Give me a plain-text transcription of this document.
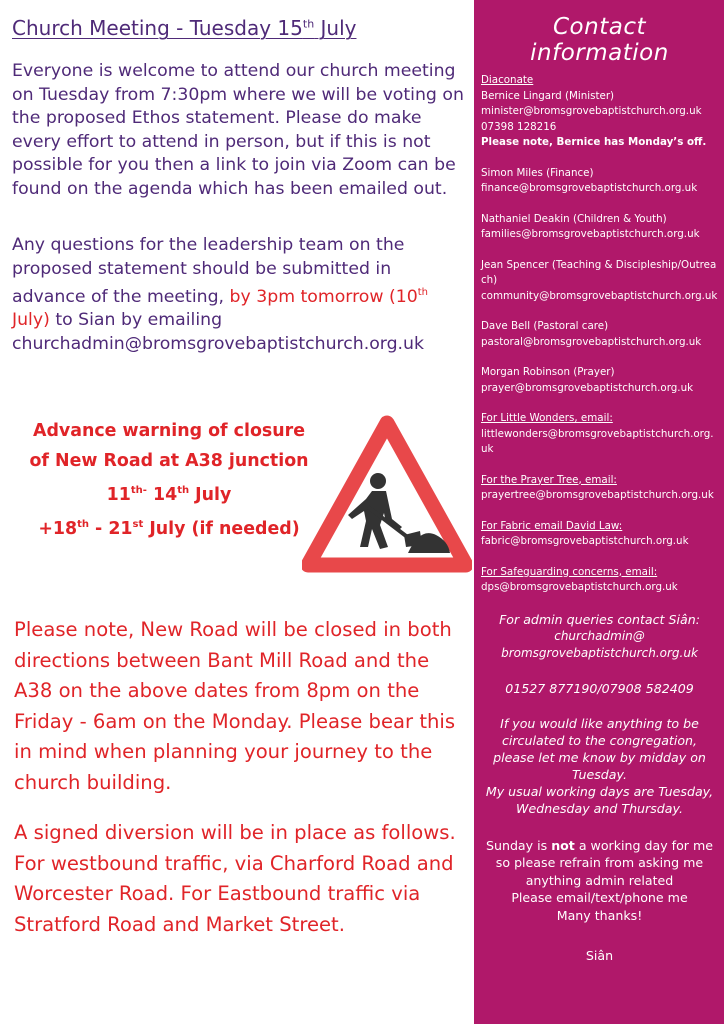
Church Meeting - Tuesday 15th July
Everyone is welcome to attend our church meeting on Tuesday from 7:30pm where we will be voting on the proposed Ethos statement. Please do make every effort to attend in person, but if this is not possible for you then a link to join via Zoom can be found on the agenda which has been emailed out.
Any questions for the leadership team on the proposed statement should be submitted in advance of the meeting, by 3pm tomorrow (10th July) to Sian by emailing churchadmin@bromsgrovebaptistchurch.org.uk
Advance warning of closure
of New Road at A38 junction
$11^{th-}$ 14th July
+18th - 21st July (if needed)
Please note, New Road will be closed in both directions between Bant Mill Road and the A38 on the above dates from 8pm on the Friday - 6am on the Monday. Please bear this in mind when planning your journey to the church building.
A signed diversion will be in place as follows. For westbound traffic, via Charford Road and Worcester Road. For Eastbound traffic via Stratford Road and Market Street.
Contact information
Diaconate
Bernice Lingard (Minister)
minister@bromsgrovebaptistchurch.org.uk
07398 128216
Please note, Bernice has Monday’s off.
Simon Miles (Finance)
finance@bromsgrovebaptistchurch.org.uk
Nathaniel Deakin (Children & Youth)
families@bromsgrovebaptistchurch.org.uk
Jean Spencer (Teaching & Discipleship/Outreach)
community@bromsgrovebaptistchurch.org.uk
Dave Bell (Pastoral care)
pastoral@bromsgrovebaptistchurch.org.uk
Morgan Robinson (Prayer)
prayer@bromsgrovebaptistchurch.org.uk
For Little Wonders, email:
littlewonders@bromsgrovebaptistchurch.org.uk
For the Prayer Tree, email:
prayertree@bromsgrovebaptistchurch.org.uk
For Fabric email David Law:
fabric@bromsgrovebaptistchurch.org.uk
For Safeguarding concerns, email:
dps@bromsgrovebaptistchurch.org.uk
For admin queries contact Siân:
churchadmin@
bromsgrovebaptistchurch.org.uk
01527 877190/07908 582409
If you would like anything to be circulated to the congregation, please let me know by midday on Tuesday.
My usual working days are Tuesday, Wednesday and Thursday.
Sunday is not a working day for me so please refrain from asking me anything admin related
Please email/text/phone me
Many thanks!
Siân
